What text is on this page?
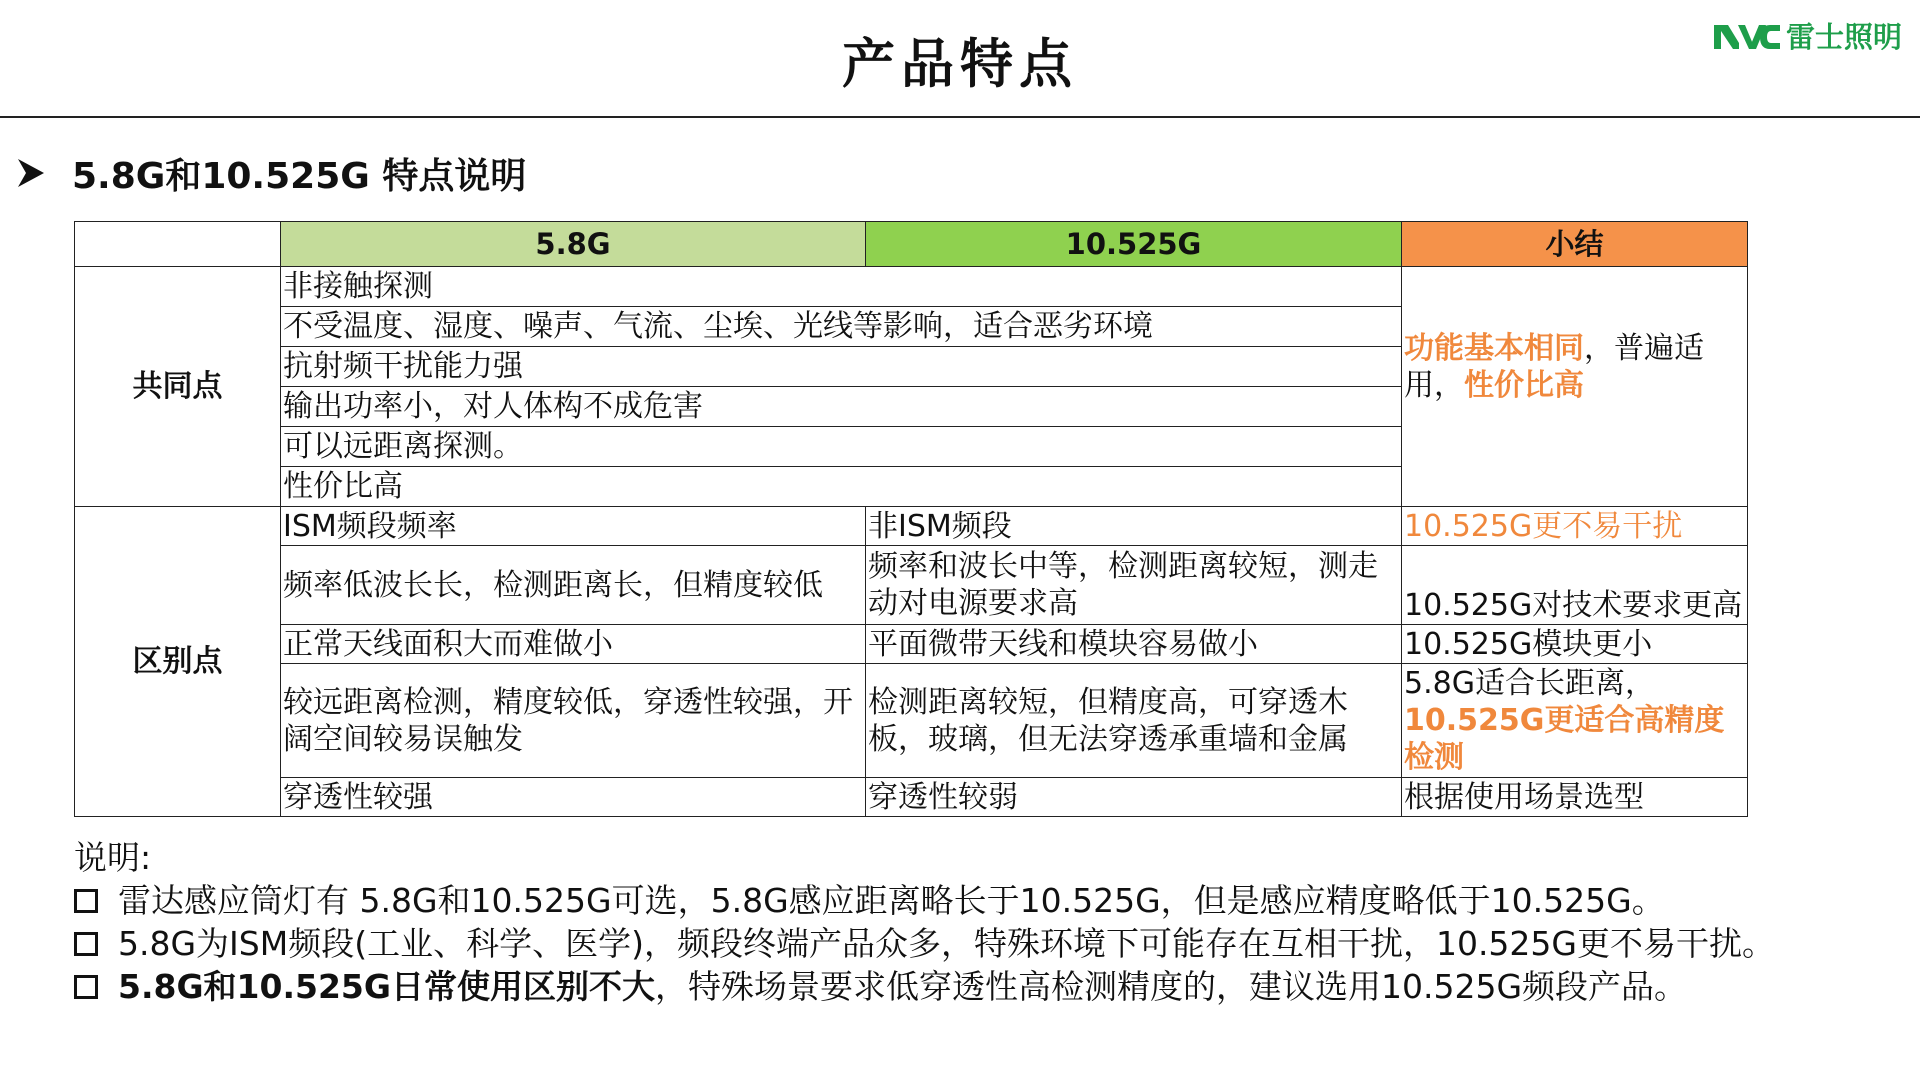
产品特点	雷士照明
5.8G和10.525G 特点说明
	5.8G	10.525G	小结
共同点	非接触探测		功能基本相同，普遍适用，性价比高
	不受温度、湿度、噪声、气流、尘埃、光线等影响，适合恶劣环境		
	抗射频干扰能力强		
	输出功率小，对人体构不成危害		
	可以远距离探测。		
	性价比高		
区别点	ISM频段频率	非ISM频段	10.525G更不易干扰
	频率低波长长，检测距离长，但精度较低	频率和波长中等，检测距离较短，测走动对电源要求高	10.525G对技术要求更高
	正常天线面积大而难做小	平面微带天线和模块容易做小	10.525G模块更小
	较远距离检测，精度较低，穿透性较强，开阔空间较易误触发	检测距离较短，但精度高，可穿透木板，玻璃，但无法穿透承重墙和金属	5.8G适合长距离，
10.525G更适合高精度检测
	穿透性较强	穿透性较弱	根据使用场景选型
说明:
雷达感应筒灯有 5.8G和10.525G可选，5.8G感应距离略长于10.525G，但是感应精度略低于10.525G。
5.8G为ISM频段(工业、科学、医学)，频段终端产品众多，特殊环境下可能存在互相干扰，10.525G更不易干扰。
5.8G和10.525G日常使用区别不大 ，特殊场景要求低穿透性高检测精度的，建议选用10.525G频段产品。
